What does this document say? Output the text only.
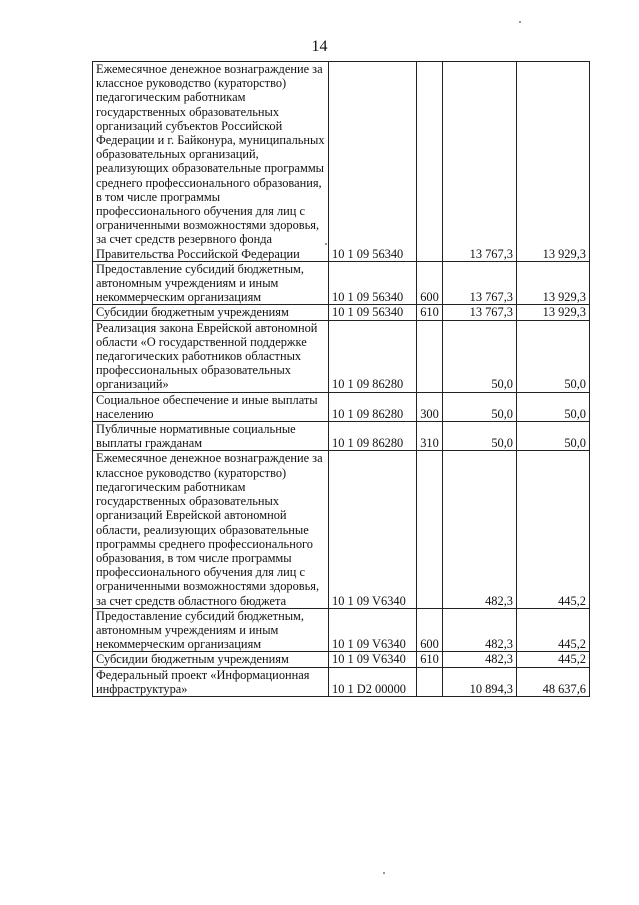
14
Ежемесячное денежное вознаграждение за классное руководство (кураторство) педагогическим работникам государственных образовательных организаций субъектов Российской Федерации и г. Байконура, муниципальных образовательных организаций, реализующих образовательные программы среднего профессионального образования, в том числе программы профессионального обучения для лиц с ограниченными возможностями здоровья, за счет средств резервного фонда Правительства Российской Федерации	10 1 09 56340		13 767,3	13 929,3
Предоставление субсидий бюджетным, автономным учреждениям и иным некоммерческим организациям	10 1 09 56340	600	13 767,3	13 929,3
Субсидии бюджетным учреждениям	10 1 09 56340	610	13 767,3	13 929,3
Реализация закона Еврейской автономной области «О государственной поддержке педагогических работников областных профессиональных образовательных организаций»	10 1 09 86280		50,0	50,0
Социальное обеспечение и иные выплаты населению	10 1 09 86280	300	50,0	50,0
Публичные нормативные социальные выплаты гражданам	10 1 09 86280	310	50,0	50,0
Ежемесячное денежное вознаграждение за классное руководство (кураторство) педагогическим работникам государственных образовательных организаций Еврейской автономной области, реализующих образовательные программы среднего профессионального образования, в том числе программы профессионального обучения для лиц с ограниченными возможностями здоровья, за счет средств областного бюджета	10 1 09 V6340		482,3	445,2
Предоставление субсидий бюджетным, автономным учреждениям и иным некоммерческим организациям	10 1 09 V6340	600	482,3	445,2
Субсидии бюджетным учреждениям	10 1 09 V6340	610	482,3	445,2
Федеральный проект «Информационная инфраструктура»	10 1 D2 00000		10 894,3	48 637,6
